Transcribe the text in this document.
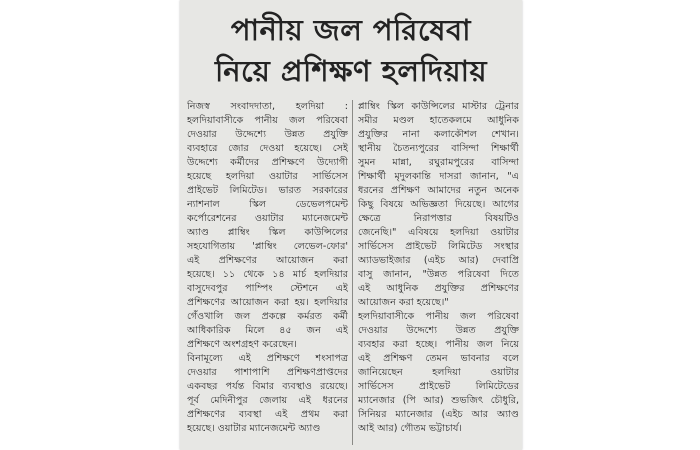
পানীয় জল পরিষেবা
নিয়ে প্রশিক্ষণ হলদিয়ায়
নিজস্ব সংবাদদাতা, হলদিয়া :
হলদিয়াবাসীকে পানীয় জল পরিষেবা
দেওয়ার উদ্দেশ্যে উন্নত প্রযুক্তি
ব্যবহারে জোর দেওয়া হয়েছে। সেই
উদ্দেশ্যে কর্মীদের প্রশিক্ষণে উদ্যোগী
হয়েছে হলদিয়া ওয়াটার সার্ভিসেস
প্রাইভেট লিমিটেড। ভারত সরকারের
ন্যাশনাল স্কিল ডেভেলপমেন্ট
কর্পোরেশনের ওয়াটার ম্যানেজমেন্ট
অ্যাণ্ড প্লাম্বিং স্কিল কাউন্সিলের
সহযোগিতায় 'প্লাম্বিং লেভেল-ফোর'
এই প্রশিক্ষণের আয়োজন করা
হয়েছে। ১১ থেকে ১৪ মার্চ হলদিয়ার
বাসুদেবপুর পাম্পিং স্টেশনে এই
প্রশিক্ষণের আয়োজন করা হয়। হলদিয়ার
গেঁওখালি জল প্রকল্পে কর্মরত কর্মী
আধিকারিক মিলে ৪৫ জন এই
প্রশিক্ষণে অংশগ্রহণ করেছেন।
বিনামূল্যে এই প্রশিক্ষণে শংসাপত্র
দেওয়ার পাশাপাশি প্রশিক্ষণপ্রাপ্তদের
একবছর পর্যন্ত বিমার ব্যবস্থাও রয়েছে।
পূর্ব মেদিনীপুর জেলায় এই ধরনের
প্রশিক্ষণের ব্যবস্থা এই প্রথম করা
হয়েছে। ওয়াটার ম্যানেজমেন্ট অ্যাণ্ড
প্লাম্বিং স্কিল কাউন্সিলের মাস্টার ট্রেনার
সমীর মণ্ডল হাতেকলমে আধুনিক
প্রযুক্তির নানা কলাকৌশল শেখান।
স্থানীয় চৈতন্যপুরের বাসিন্দা শিক্ষার্থী
সুমন মান্না, রঘুরামপুরের বাসিন্দা
শিক্ষার্থী মৃদুলকান্তি দাসরা জানান, "এ
ধরনের প্রশিক্ষণ আমাদের নতুন অনেক
কিছু বিষয়ে অভিজ্ঞতা দিয়েছে। আগের
ক্ষেত্রে নিরাপত্তার বিষয়টিও
জেনেছি।" এবিষয়ে হলদিয়া ওয়াটার
সার্ভিসেস প্রাইভেট লিমিটেড সংস্থার
অ্যাডভাইজার (এইচ আর) দেবাপ্রি
বাসু জানান, "উন্নত পরিষেবা দিতে
এই আধুনিক প্রযুক্তির প্রশিক্ষণের
আয়োজন করা হয়েছে।"
হলদিয়াবাসীকে পানীয় জল পরিষেবা
দেওয়ার উদ্দেশ্যে উন্নত প্রযুক্তি
ব্যবহার করা হচ্ছে। পানীয় জল নিয়ে
এই প্রশিক্ষণ তেমন ভাবনার বলে
জানিয়েছেন হলদিয়া ওয়াটার
সার্ভিসেস প্রাইভেট লিমিটেডের
ম্যানেজার (পি আর) শুভজিৎ চৌধুরি,
সিনিয়র ম্যানেজার (এইচ আর অ্যাণ্ড
আই আর) গৌতম ভট্টাচার্য।
